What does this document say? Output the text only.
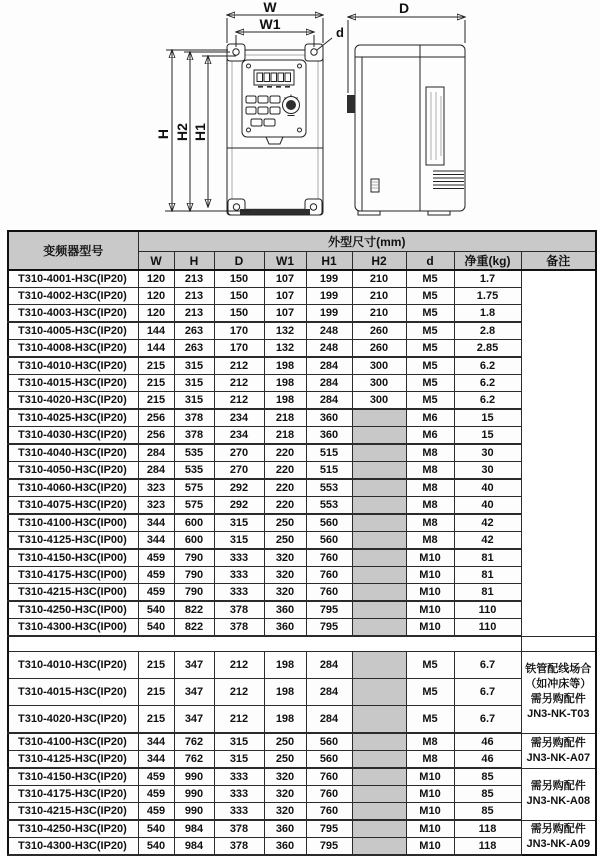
W
W1
d
H H2 H1
D
变频器型号	外型尺寸(mm)								
	W	H	D	W1	H1	H2	d	净重(kg)	备注
T310-4001-H3C(IP20)	120	213	150	107	199	210	M5	1.7	
T310-4002-H3C(IP20)	120	213	150	107	199	210	M5	1.75	
T310-4003-H3C(IP20)	120	213	150	107	199	210	M5	1.8	
T310-4005-H3C(IP20)	144	263	170	132	248	260	M5	2.8	
T310-4008-H3C(IP20)	144	263	170	132	248	260	M5	2.85	
T310-4010-H3C(IP20)	215	315	212	198	284	300	M5	6.2	
T310-4015-H3C(IP20)	215	315	212	198	284	300	M5	6.2	
T310-4020-H3C(IP20)	215	315	212	198	284	300	M5	6.2	
T310-4025-H3C(IP20)	256	378	234	218	360		M6	15	
T310-4030-H3C(IP20)	256	378	234	218	360		M6	15	
T310-4040-H3C(IP20)	284	535	270	220	515		M8	30	
T310-4050-H3C(IP20)	284	535	270	220	515		M8	30	
T310-4060-H3C(IP20)	323	575	292	220	553		M8	40	
T310-4075-H3C(IP20)	323	575	292	220	553		M8	40	
T310-4100-H3C(IP00)	344	600	315	250	560		M8	42	
T310-4125-H3C(IP00)	344	600	315	250	560		M8	42	
T310-4150-H3C(IP00)	459	790	333	320	760		M10	81	
T310-4175-H3C(IP00)	459	790	333	320	760		M10	81	
T310-4215-H3C(IP00)	459	790	333	320	760		M10	81	
T310-4250-H3C(IP00)	540	822	378	360	795		M10	110	
T310-4300-H3C(IP00)	540	822	378	360	795		M10	110	

T310-4010-H3C(IP20)	215	347	212	198	284		M5	6.7	铁管配线场合
（如冲床等）
需另购配件
JN3-NK-T03

T310-4015-H3C(IP20)	215	347	212	198	284		M5	6.7	
T310-4020-H3C(IP20)	215	347	212	198	284		M5	6.7	
T310-4100-H3C(IP20)	344	762	315	250	560		M8	46	需另购配件
JN3-NK-A07

T310-4125-H3C(IP20)	344	762	315	250	560		M8	46	
T310-4150-H3C(IP20)	459	990	333	320	760		M10	85	需另购配件
JN3-NK-A08

T310-4175-H3C(IP20)	459	990	333	320	760		M10	85	
T310-4215-H3C(IP20)	459	990	333	320	760		M10	85	
T310-4250-H3C(IP20)	540	984	378	360	795		M10	118	需另购配件
JN3-NK-A09

T310-4300-H3C(IP20)	540	984	378	360	795		M10	118	
